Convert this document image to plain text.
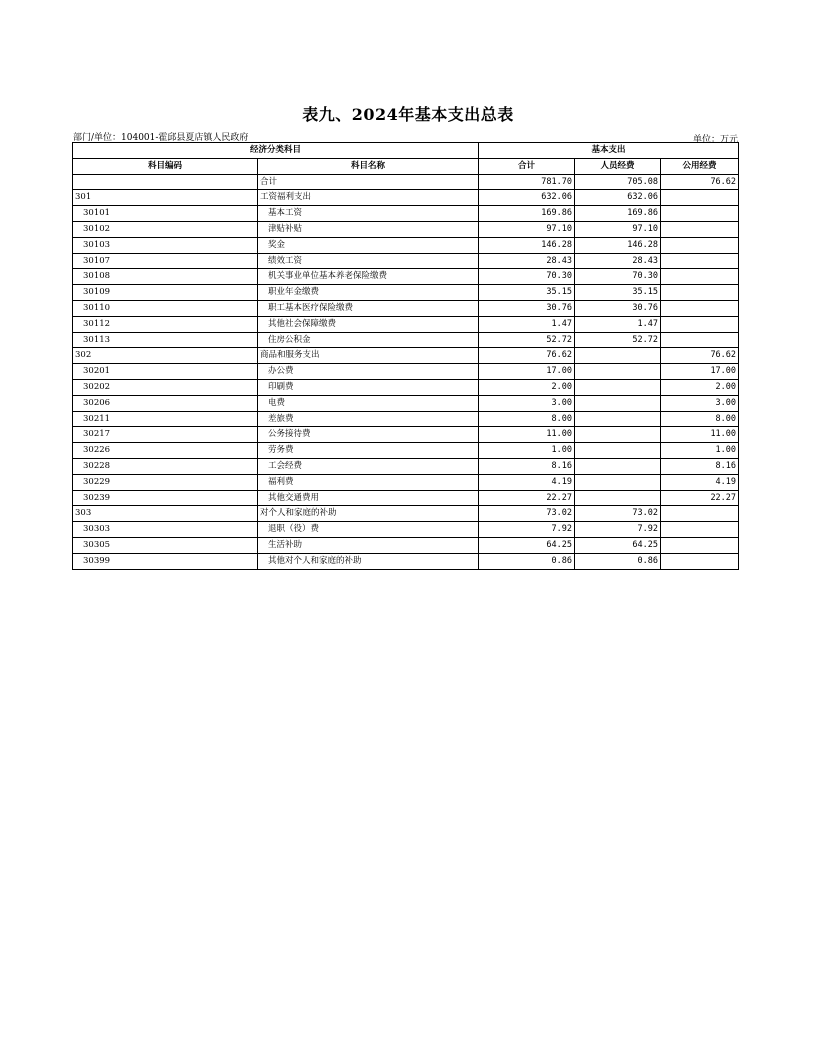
表九、2024年基本支出总表
部门/单位：104001-霍邱县夏店镇人民政府	单位：万元
经济分类科目		基本支出		
科目编码	科目名称	合计	人员经费	公用经费
	合计	781.70	705.08	76.62
301	工资福利支出	632.06	632.06	
30101	基本工资	169.86	169.86	
30102	津贴补贴	97.10	97.10	
30103	奖金	146.28	146.28	
30107	绩效工资	28.43	28.43	
30108	机关事业单位基本养老保险缴费	70.30	70.30	
30109	职业年金缴费	35.15	35.15	
30110	职工基本医疗保险缴费	30.76	30.76	
30112	其他社会保障缴费	1.47	1.47	
30113	住房公积金	52.72	52.72	
302	商品和服务支出	76.62		76.62
30201	办公费	17.00		17.00
30202	印刷费	2.00		2.00
30206	电费	3.00		3.00
30211	差旅费	8.00		8.00
30217	公务接待费	11.00		11.00
30226	劳务费	1.00		1.00
30228	工会经费	8.16		8.16
30229	福利费	4.19		4.19
30239	其他交通费用	22.27		22.27
303	对个人和家庭的补助	73.02	73.02	
30303	退职（役）费	7.92	7.92	
30305	生活补助	64.25	64.25	
30399	其他对个人和家庭的补助	0.86	0.86	
